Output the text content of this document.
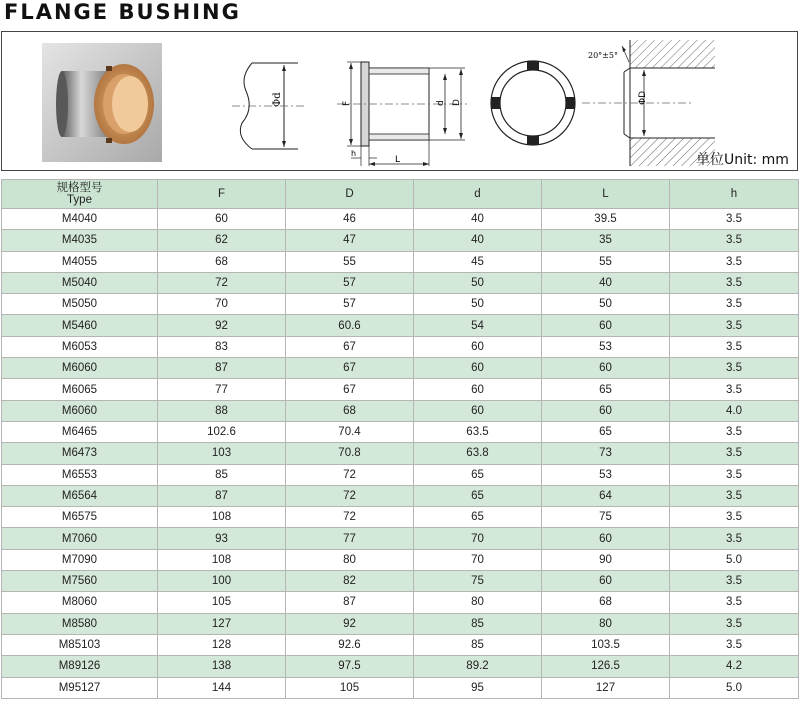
FLANGE BUSHING
Φd	F	d D
h
L
ΦD
20°±5°
单位Unit: mm
规格型号
Type	F	D	d	L	h
M4040	60	46	40	39.5	3.5
M4035	62	47	40	35	3.5
M4055	68	55	45	55	3.5
M5040	72	57	50	40	3.5
M5050	70	57	50	50	3.5
M5460	92	60.6	54	60	3.5
M6053	83	67	60	53	3.5
M6060	87	67	60	60	3.5
M6065	77	67	60	65	3.5
M6060	88	68	60	60	4.0
M6465	102.6	70.4	63.5	65	3.5
M6473	103	70.8	63.8	73	3.5
M6553	85	72	65	53	3.5
M6564	87	72	65	64	3.5
M6575	108	72	65	75	3.5
M7060	93	77	70	60	3.5
M7090	108	80	70	90	5.0
M7560	100	82	75	60	3.5
M8060	105	87	80	68	3.5
M8580	127	92	85	80	3.5
M85103	128	92.6	85	103.5	3.5
M89126	138	97.5	89.2	126.5	4.2
M95127	144	105	95	127	5.0
